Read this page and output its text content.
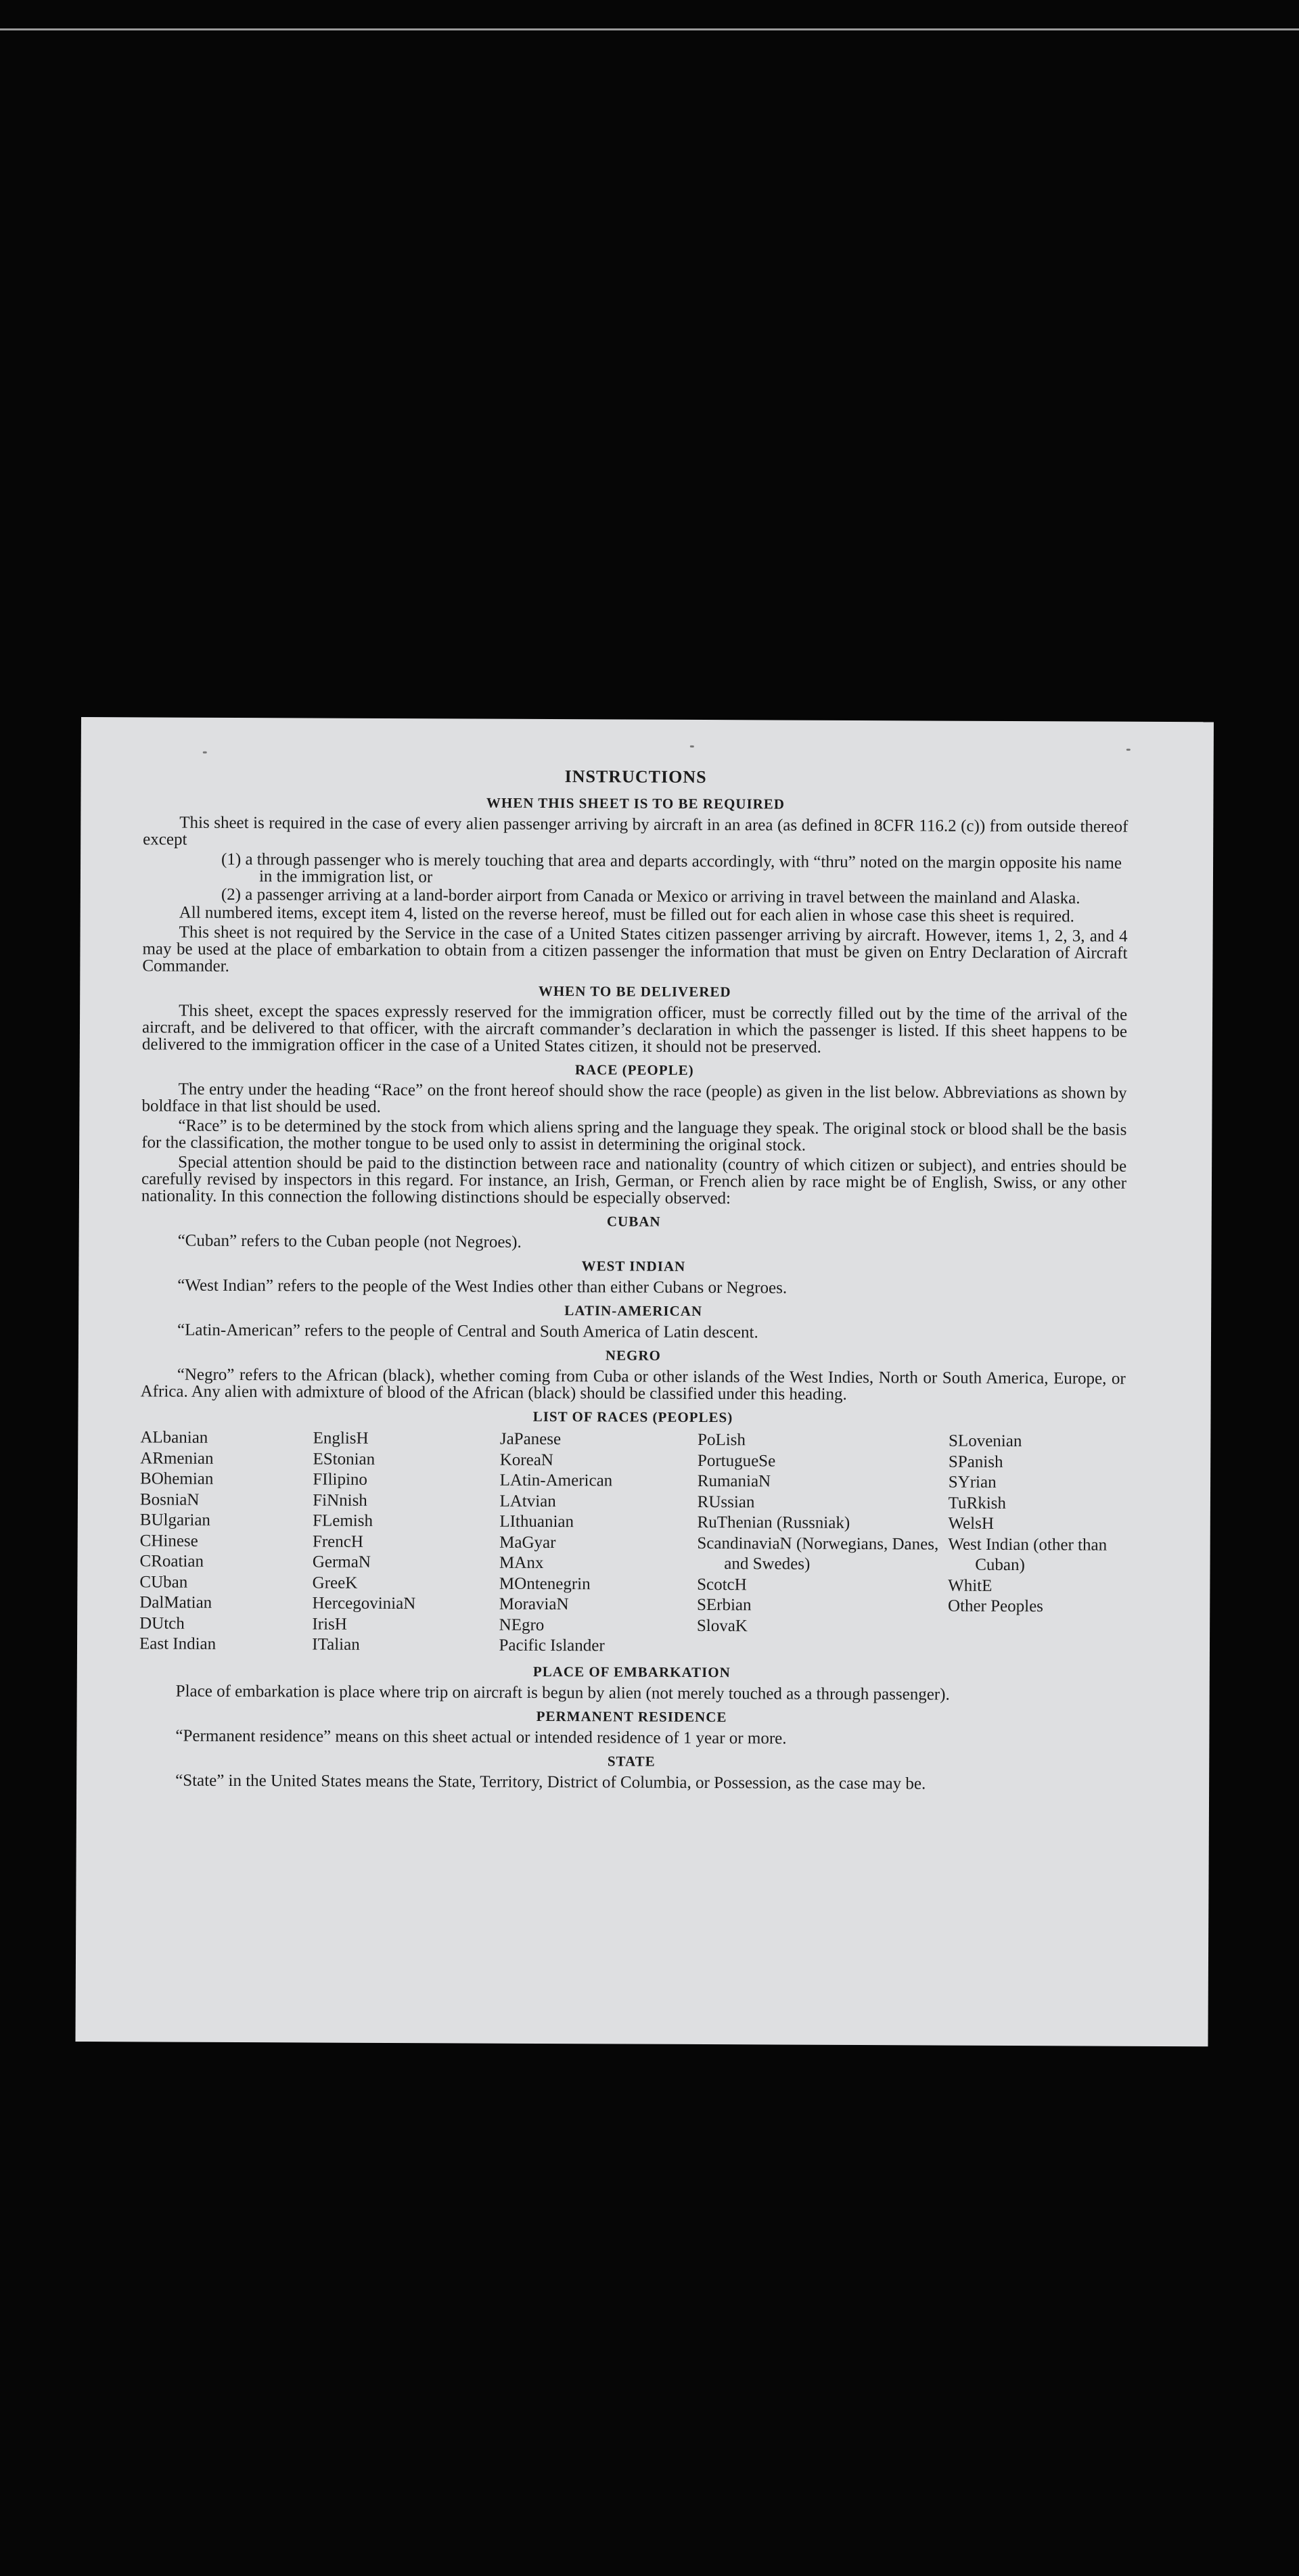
INSTRUCTIONS
WHEN THIS SHEET IS TO BE REQUIRED

This sheet is required in the case of every alien passenger arriving by aircraft in an area (as defined in 8CFR 116.2 (c)) from outside thereof except

(1) a through passenger who is merely touching that area and departs accordingly, with “thru” noted on the margin opposite his name in the immigration list, or

(2) a passenger arriving at a land-border airport from Canada or Mexico or arriving in travel between the mainland and Alaska.

All numbered items, except item 4, listed on the reverse hereof, must be filled out for each alien in whose case this sheet is required.

This sheet is not required by the Service in the case of a United States citizen passenger arriving by aircraft. However, items 1, 2, 3, and 4 may be used at the place of embarkation to obtain from a citizen passenger the information that must be given on Entry Declaration of Aircraft Commander.

WHEN TO BE DELIVERED

This sheet, except the spaces expressly reserved for the immigration officer, must be correctly filled out by the time of the arrival of the aircraft, and be delivered to that officer, with the aircraft commander’s declaration in which the passenger is listed. If this sheet happens to be delivered to the immigration officer in the case of a United States citizen, it should not be preserved.

RACE (PEOPLE)

The entry under the heading “Race” on the front hereof should show the race (people) as given in the list below. Abbreviations as shown by boldface in that list should be used.

“Race” is to be determined by the stock from which aliens spring and the language they speak. The original stock or blood shall be the basis for the classification, the mother tongue to be used only to assist in determining the original stock.

Special attention should be paid to the distinction between race and nationality (country of which citizen or subject), and entries should be carefully revised by inspectors in this regard. For instance, an Irish, German, or French alien by race might be of English, Swiss, or any other nationality. In this connection the following distinctions should be especially observed:

CUBAN

“Cuban” refers to the Cuban people (not Negroes).

WEST INDIAN

“West Indian” refers to the people of the West Indies other than either Cubans or Negroes.

LATIN-AMERICAN

“Latin-American” refers to the people of Central and South America of Latin descent.

NEGRO

“Negro” refers to the African (black), whether coming from Cuba or other islands of the West Indies, North or South America, Europe, or Africa. Any alien with admixture of blood of the African (black) should be classified under this heading.

LIST OF RACES (PEOPLES)
ALbanian
ARmenian
BOhemian
BosniaN
BUlgarian
CHinese
CRoatian
CUban
DalMatian
DUtch
East Indian
EnglisH
EStonian
FIlipino
FiNnish
FLemish
FrencH
GermaN
GreeK
HercegoviniaN
IrisH
ITalian
JaPanese
KoreaN
LAtin-American
LAtvian
LIthuanian
MaGyar
MAnx
MOntenegrin
MoraviaN
NEgro
Pacific Islander
PoLish
PortugueSe
RumaniaN
RUssian
RuThenian (Russniak)
ScandinaviaN (Norwegians, Danes, and Swedes)
ScotcH
SErbian
SlovaK
SLovenian
SPanish
SYrian
TuRkish
WelsH
West Indian (other than Cuban)
WhitE
Other Peoples
PLACE OF EMBARKATION

Place of embarkation is place where trip on aircraft is begun by alien (not merely touched as a through passenger).

PERMANENT RESIDENCE

“Permanent residence” means on this sheet actual or intended residence of 1 year or more.

STATE

“State” in the United States means the State, Territory, District of Columbia, or Possession, as the case may be.
